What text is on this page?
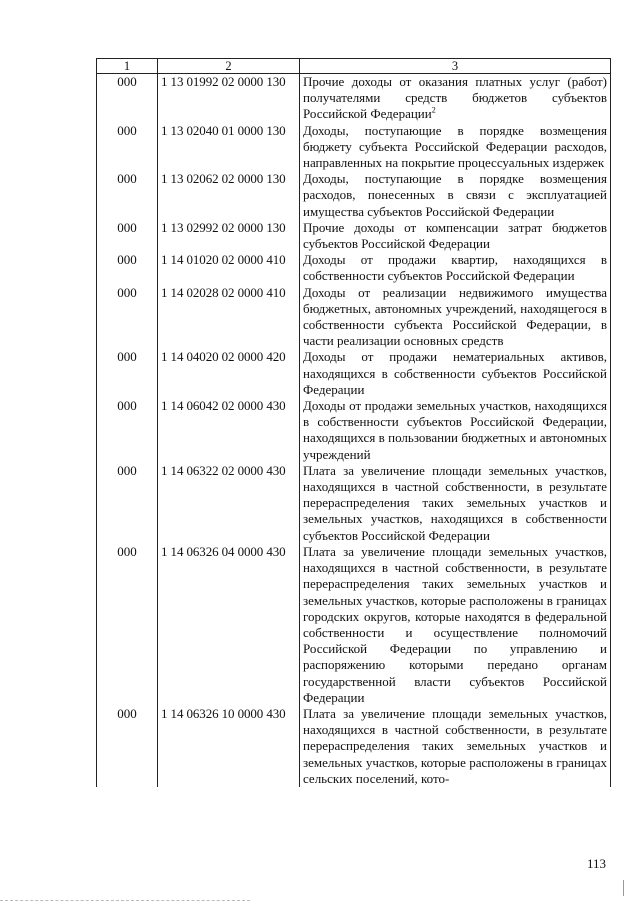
1	2	3
000	1 13 01992 02 0000 130	Прочие доходы от оказания платных услуг (работ) получателями средств бюджетов субъектов Российской Федерации$^2$
000	1 13 02040 01 0000 130	Доходы, поступающие в порядке возмещения бюджету субъекта Российской Федерации расходов, направленных на покрытие процессуальных издержек
000	1 13 02062 02 0000 130	Доходы, поступающие в порядке возмещения расходов, понесенных в связи с эксплуатацией имущества субъектов Российской Федерации
000	1 13 02992 02 0000 130	Прочие доходы от компенсации затрат бюджетов субъектов Российской Федерации
000	1 14 01020 02 0000 410	Доходы от продажи квартир, находящихся в собственности субъектов Российской Федерации
000	1 14 02028 02 0000 410	Доходы от реализации недвижимого имущества бюджетных, автономных учреждений, находящегося в собственности субъекта Российской Федерации, в части реализации основных средств
000	1 14 04020 02 0000 420	Доходы от продажи нематериальных активов, находящихся в собственности субъектов Российской Федерации
000	1 14 06042 02 0000 430	Доходы от продажи земельных участков, находящихся в собственности субъектов Российской Федерации, находящихся в пользовании бюджетных и автономных учреждений
000	1 14 06322 02 0000 430	Плата за увеличение площади земельных участков, находящихся в частной собственности, в результате перераспределения таких земельных участков и земельных участков, находящихся в собственности субъектов Российской Федерации
000	1 14 06326 04 0000 430	Плата за увеличение площади земельных участков, находящихся в частной собственности, в результате перераспределения таких земельных участков и земельных участков, которые расположены в границах городских округов, которые находятся в федеральной собственности и осуществление полномочий Российской Федерации по управлению и распоряжению которыми передано органам государственной власти субъектов Российской Федерации
000	1 14 06326 10 0000 430	Плата за увеличение площади земельных участков, находящихся в частной собственности, в результате перераспределения таких земельных участков и земельных участков, которые расположены в границах сельских поселений, кото-
113
